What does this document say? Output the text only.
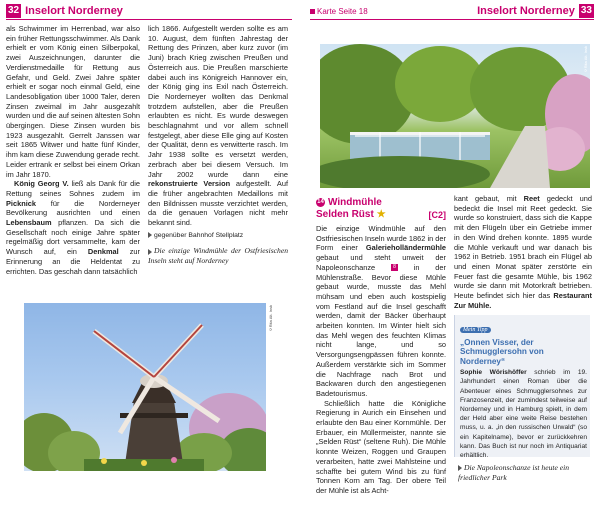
32 Inselort Norderney

als Schwimmer im Herrenbad, war also ein früher Rettungsschwimmer. Als Dank erhielt er vom König einen Silberpokal, zwei Auszeichnungen, darunter die Verdienstmedaille für Rettung aus Gefahr, und Geld. Zwei Jahre später erhielt er sogar noch einmal Geld, eine Landesobligation über 1000 Taler, deren Zinsen zweimal im Jahr ausgezahlt wurden und die auf seinen ältesten Sohn übergingen. Diese Zinsen wurden bis 1923 ausgezahlt. Gerrelt Janssen war seit 1865 Witwer und hatte fünf Kinder, ihm kam diese Zuwendung gerade recht. Leider ertrank er selbst bei einem Orkan im Jahr 1870.

König Georg V. ließ als Dank für die Rettung seines Sohnes zudem im Picknick für die Norderneyer Bevölkerung ausrichten und einen Lebensbaum pflanzen. Da sich die Gesellschaft noch einige Jahre später regelmäßig dort versammelte, kam der Wunsch auf, ein Denkmal zur Erinnerung an die Heldentat zu errichten. Das geschah dann tatsächlich

lich 1866. Aufgestellt werden sollte es am 10. August, dem fünften Jahrestag der Rettung des Prinzen, aber kurz zuvor (im Juni) brach Krieg zwischen Preußen und Österreich aus. Die Preußen marschierte dabei auch ins Königreich Hannover ein, der König ging ins Exil nach Österreich. Die Norderneyer wollten das Denkmal trotzdem aufstellen, aber die Preußen erlaubten es nicht. Es wurde deswegen beschlagnahmt und vor allem schnell festgelegt, aber diese Elle ging auf Kosten der Qualität, denn es verwitterte rasch. Im Jahr 1938 sollte es versetzt werden, zerbrach aber bei diesem Versuch. Im Jahr 2002 wurde dann eine rekonstruierte Version aufgestellt. Auf die früher angebrachten Medaillons mit den Bildnissen musste verzichtet werden, da die genauen Vorlagen nicht mehr bekannt sind.

gegenüber Bahnhof Stellplatz
Die einzige Windmühle der Ostfriesischen Inseln steht auf Norderney
©Rita Alt. Insk
Karte Seite 18	Inselort Norderney 33
©Rita Alt. Insk
14 Windmühle
Selden Rüst ★	[C2]

Die einzige Windmühle auf den Ostfriesischen Inseln wurde 1862 in der Form einer Galerieholländermühle gebaut und steht unweit der Napoleonschanze 8 in der Mühlenstraße. Bevor diese Mühle gebaut wurde, musste das Mehl mühsam und eben auch kostspielig vom Festland auf die Insel geschafft werden, damit der Bäcker überhaupt arbeiten konnten. Im Winter hielt sich das Mehl wegen des feuchten Klimas nicht lange, und so Versorgungsengpässen führen konnte. Außerdem verstärkte sich im Sommer die Nachfrage nach Brot und Backwaren durch den angestiegenen Badetourismus.

Schließlich hatte die Königliche Regierung in Aurich ein Einsehen und erlaubte den Bau einer Kornmühle. Der Erbauer, ein Müllermeister, nannte sie „Selden Rüst“ (seltene Ruh). Die Mühle konnte Weizen, Roggen und Graupen verarbeiten, hatte zwei Mahlsteine und schaffte bei gutem Wind bis zu fünf Tonnen Korn am Tag. Der obere Teil der Mühle ist als Acht-

kant gebaut, mit Reet gedeckt und bedeckt die Insel mit Reet gedeckt. Sie wurde so konstruiert, dass sich die Kappe mit den Flügeln über ein Getriebe immer in den Wind drehen konnte. 1895 wurde die Mühle verkauft und war danach bis 1962 in Betrieb. 1951 brach ein Flügel ab und einen Monat später zerstörte ein Feuer fast die gesamte Mühle, bis 1962 wurde sie dann mit Motorkraft betrieben. Heute befindet sich hier das Restaurant Zur Mühle.

Mein Tipp
„Onnen Visser, der Schmugglersohn von Norderney“
Sophie Wörishöffer schrieb im 19. Jahrhundert einen Roman über die Abenteuer eines Schmugglersohnes zur Franzosenzeit, der zumindest teilweise auf Norderney und in Hamburg spielt, in dem der Held aber eine weite Reise bestehen muss, u. a. „in den russischen Urwald“ (so ein Kapitelname), bevor er zurückkehren kann. Das Buch ist nur noch im Antiquariat erhältlich.
Die Napoleonschanze ist heute ein friedlicher Park
